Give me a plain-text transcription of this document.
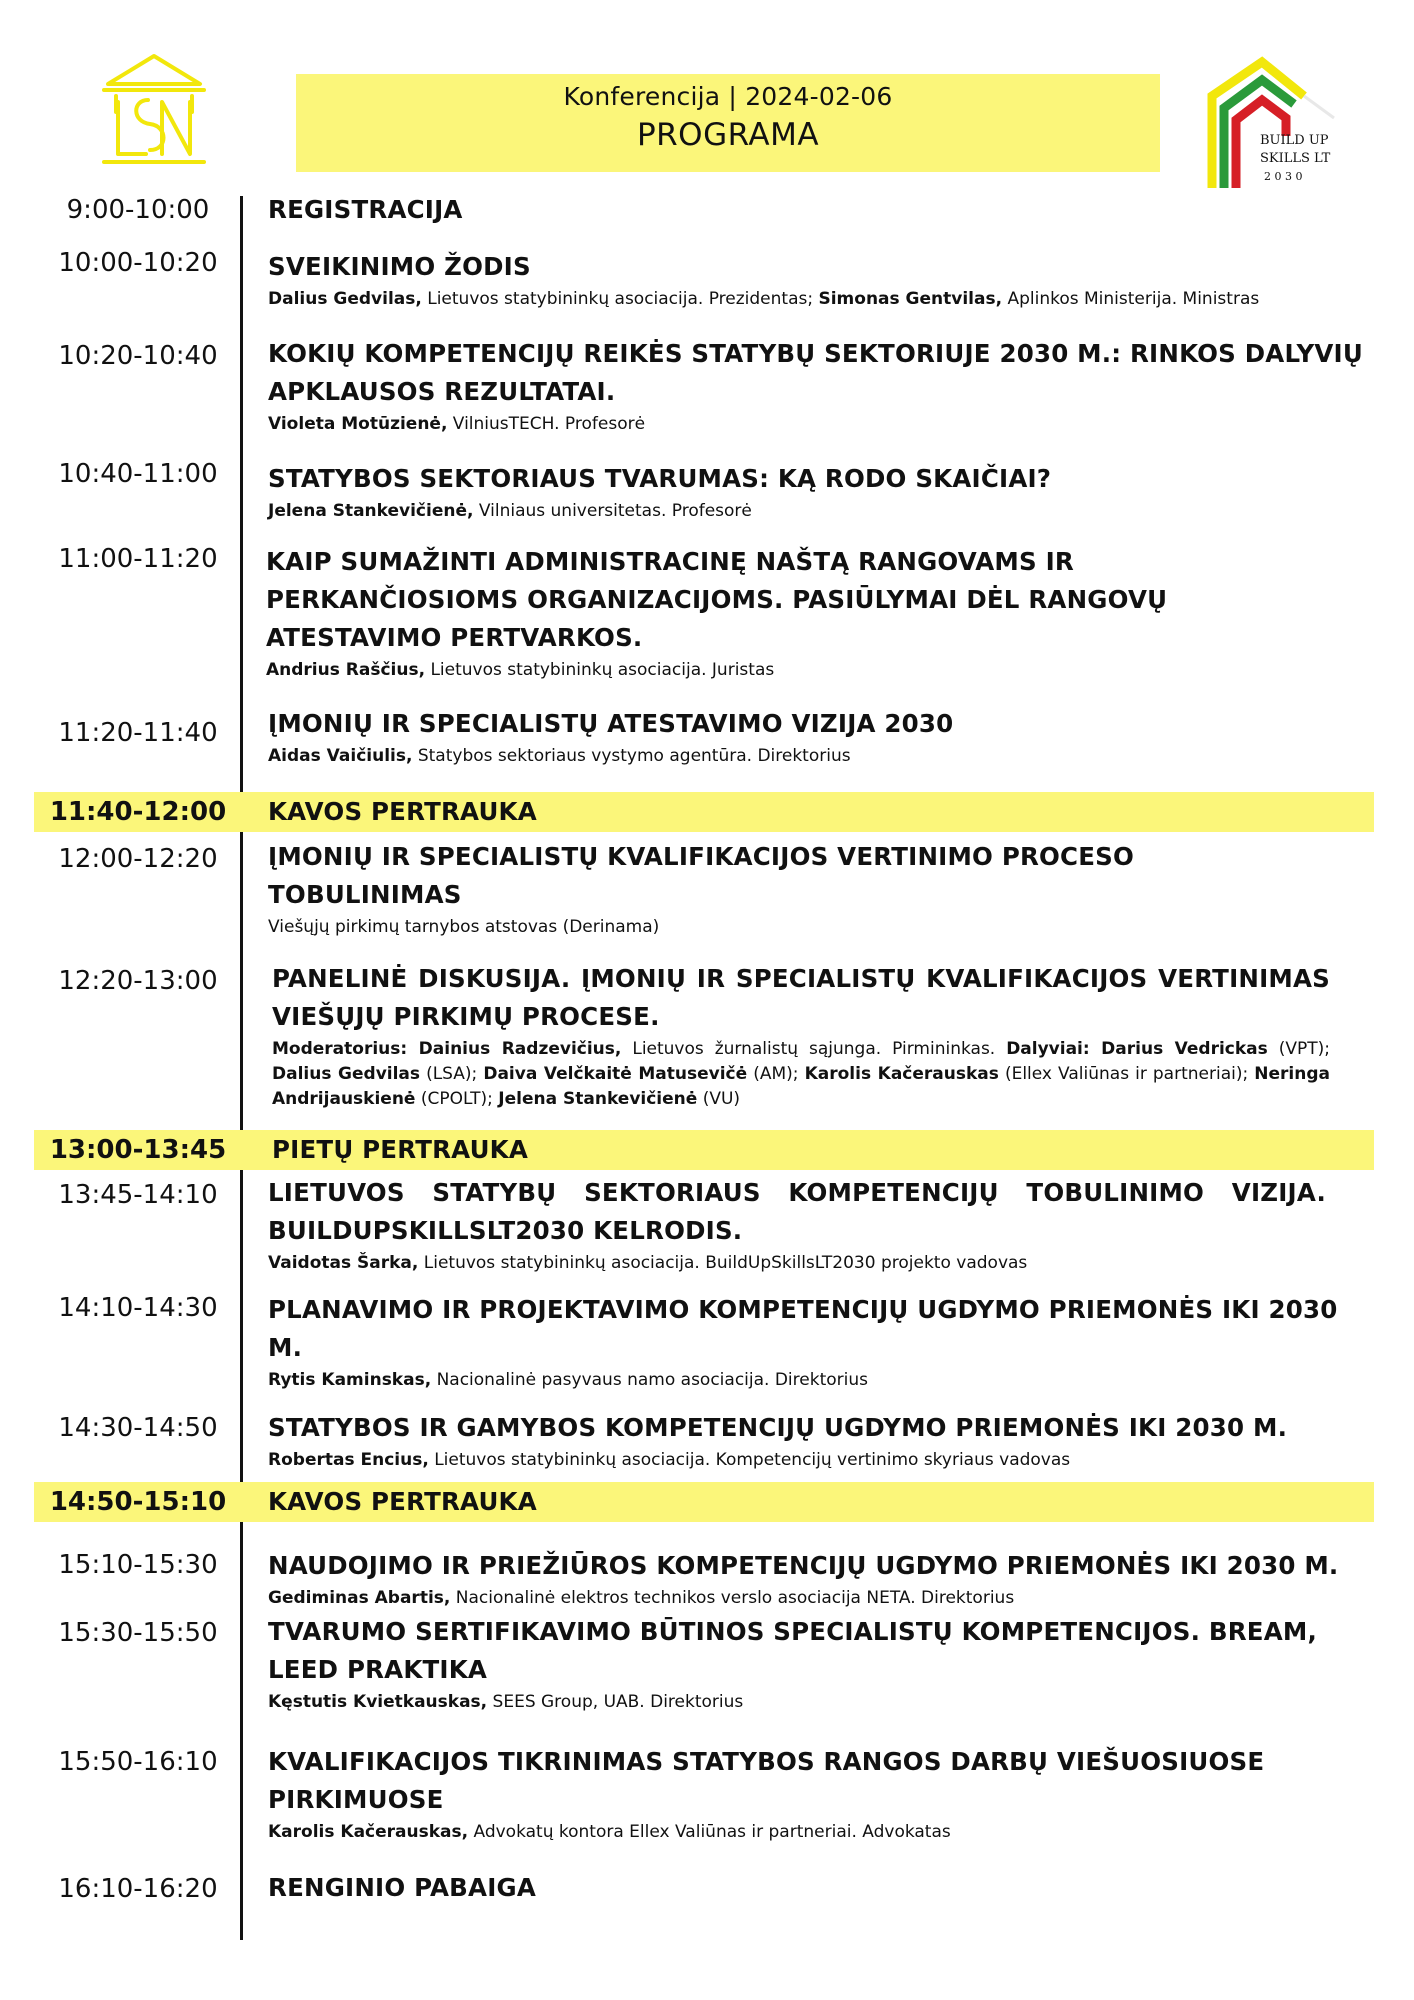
Konferencija | 2024-02-06
PROGRAMA	BUILD UP
SKILLS LT
2 0 3 0
9:00-10:00	REGISTRACIJA
10:00-10:20	SVEIKINIMO ŽODIS
Dalius Gedvilas, Lietuvos statybininkų asociacija. Prezidentas; Simonas Gentvilas, Aplinkos Ministerija. Ministras
10:20-10:40	KOKIŲ KOMPETENCIJŲ REIKĖS STATYBŲ SEKTORIUJE 2030 M.: RINKOS DALYVIŲ APKLAUSOS REZULTATAI.
Violeta Motūzienė, VilniusTECH. Profesorė
10:40-11:00	STATYBOS SEKTORIAUS TVARUMAS: KĄ RODO SKAIČIAI?
Jelena Stankevičienė, Vilniaus universitetas. Profesorė
11:00-11:20	KAIP SUMAŽINTI ADMINISTRACINĘ NAŠTĄ RANGOVAMS IR PERKANČIOSIOMS ORGANIZACIJOMS. PASIŪLYMAI DĖL RANGOVŲ ATESTAVIMO PERTVARKOS.
Andrius Raščius, Lietuvos statybininkų asociacija. Juristas
11:20-11:40	ĮMONIŲ IR SPECIALISTŲ ATESTAVIMO VIZIJA 2030
Aidas Vaičiulis, Statybos sektoriaus vystymo agentūra. Direktorius
11:40-12:00	KAVOS PERTRAUKA
12:00-12:20	ĮMONIŲ IR SPECIALISTŲ KVALIFIKACIJOS VERTINIMO PROCESO TOBULINIMAS
Viešųjų pirkimų tarnybos atstovas (Derinama)
12:20-13:00	PANELINĖ DISKUSIJA. ĮMONIŲ IR SPECIALISTŲ KVALIFIKACIJOS VERTINIMAS VIEŠŲJŲ PIRKIMŲ PROCESE.
Moderatorius: Dainius Radzevičius, Lietuvos žurnalistų sąjunga. Pirmininkas. Dalyviai: Darius Vedrickas (VPT); Dalius Gedvilas (LSA); Daiva Velčkaitė Matusevičė (AM); Karolis Kačerauskas (Ellex Valiūnas ir partneriai); Neringa Andrijauskienė (CPOLT); Jelena Stankevičienė (VU)
13:00-13:45	PIETŲ PERTRAUKA
13:45-14:10	LIETUVOS STATYBŲ SEKTORIAUS KOMPETENCIJŲ TOBULINIMO VIZIJA. BUILDUPSKILLSLT2030 KELRODIS.
Vaidotas Šarka, Lietuvos statybininkų asociacija. BuildUpSkillsLT2030 projekto vadovas
14:10-14:30	PLANAVIMO IR PROJEKTAVIMO KOMPETENCIJŲ UGDYMO PRIEMONĖS IKI 2030 M.
Rytis Kaminskas, Nacionalinė pasyvaus namo asociacija. Direktorius
14:30-14:50	STATYBOS IR GAMYBOS KOMPETENCIJŲ UGDYMO PRIEMONĖS IKI 2030 M.
Robertas Encius, Lietuvos statybininkų asociacija. Kompetencijų vertinimo skyriaus vadovas
14:50-15:10	KAVOS PERTRAUKA
15:10-15:30	NAUDOJIMO IR PRIEŽIŪROS KOMPETENCIJŲ UGDYMO PRIEMONĖS IKI 2030 M.
Gediminas Abartis, Nacionalinė elektros technikos verslo asociacija NETA. Direktorius
15:30-15:50	TVARUMO SERTIFIKAVIMO BŪTINOS SPECIALISTŲ KOMPETENCIJOS. BREAM, LEED PRAKTIKA
Kęstutis Kvietkauskas, SEES Group, UAB. Direktorius
15:50-16:10	KVALIFIKACIJOS TIKRINIMAS STATYBOS RANGOS DARBŲ VIEŠUOSIUOSE PIRKIMUOSE
Karolis Kačerauskas, Advokatų kontora Ellex Valiūnas ir partneriai. Advokatas
16:10-16:20	RENGINIO PABAIGA
